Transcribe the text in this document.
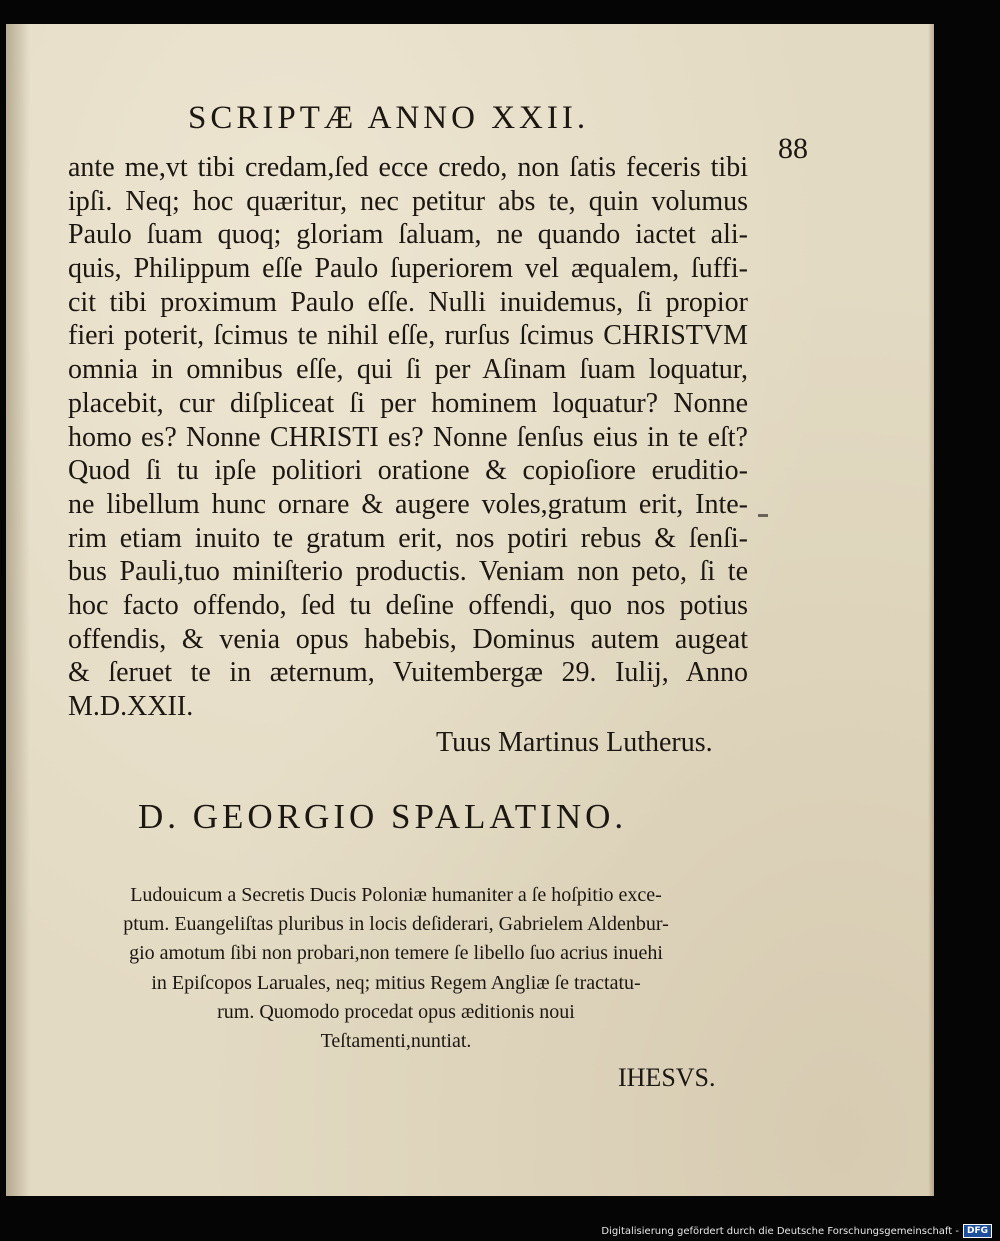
SCRIPTÆ ANNO XXII.
88
ante me,vt tibi credam,ſed ecce credo, non ſatis feceris tibi
ipſi. Neq; hoc quæritur, nec petitur abs te, quin volumus
Paulo ſuam quoq; gloriam ſaluam, ne quando iactet ali-
quis, Philippum eſſe Paulo ſuperiorem vel æqualem, ſuffi-
cit tibi proximum Paulo eſſe. Nulli inuidemus, ſi propior
fieri poterit, ſcimus te nihil eſſe, rurſus ſcimus CHRISTVM
omnia in omnibus eſſe, qui ſi per Aſinam ſuam loquatur,
placebit, cur diſpliceat ſi per hominem loquatur? Nonne
homo es? Nonne CHRISTI es? Nonne ſenſus eius in te eſt?
Quod ſi tu ipſe politiori oratione & copioſiore eruditio-
ne libellum hunc ornare & augere voles,gratum erit, Inte-
rim etiam inuito te gratum erit, nos potiri rebus & ſenſi-
bus Pauli,tuo miniſterio productis. Veniam non peto, ſi te
hoc facto offendo, ſed tu deſine offendi, quo nos potius
offendis, & venia opus habebis, Dominus autem augeat
& ſeruet te in æternum, Vuitembergæ 29. Iulij, Anno
M.D.XXII.
Tuus Martinus Lutherus.
D. GEORGIO SPALATINO.
Ludouicum a Secretis Ducis Poloniæ humaniter a ſe hoſpitio exce-
ptum. Euangeliſtas pluribus in locis deſiderari, Gabrielem Aldenbur-
gio amotum ſibi non probari,non temere ſe libello ſuo acrius inuehi
in Epiſcopos Laruales, neq; mitius Regem Angliæ ſe tractatu-
rum. Quomodo procedat opus æditionis noui
Teſtamenti,nuntiat.
IHESVS.
Digitalisierung gefördert durch die Deutsche Forschungsgemeinschaft - DFG
